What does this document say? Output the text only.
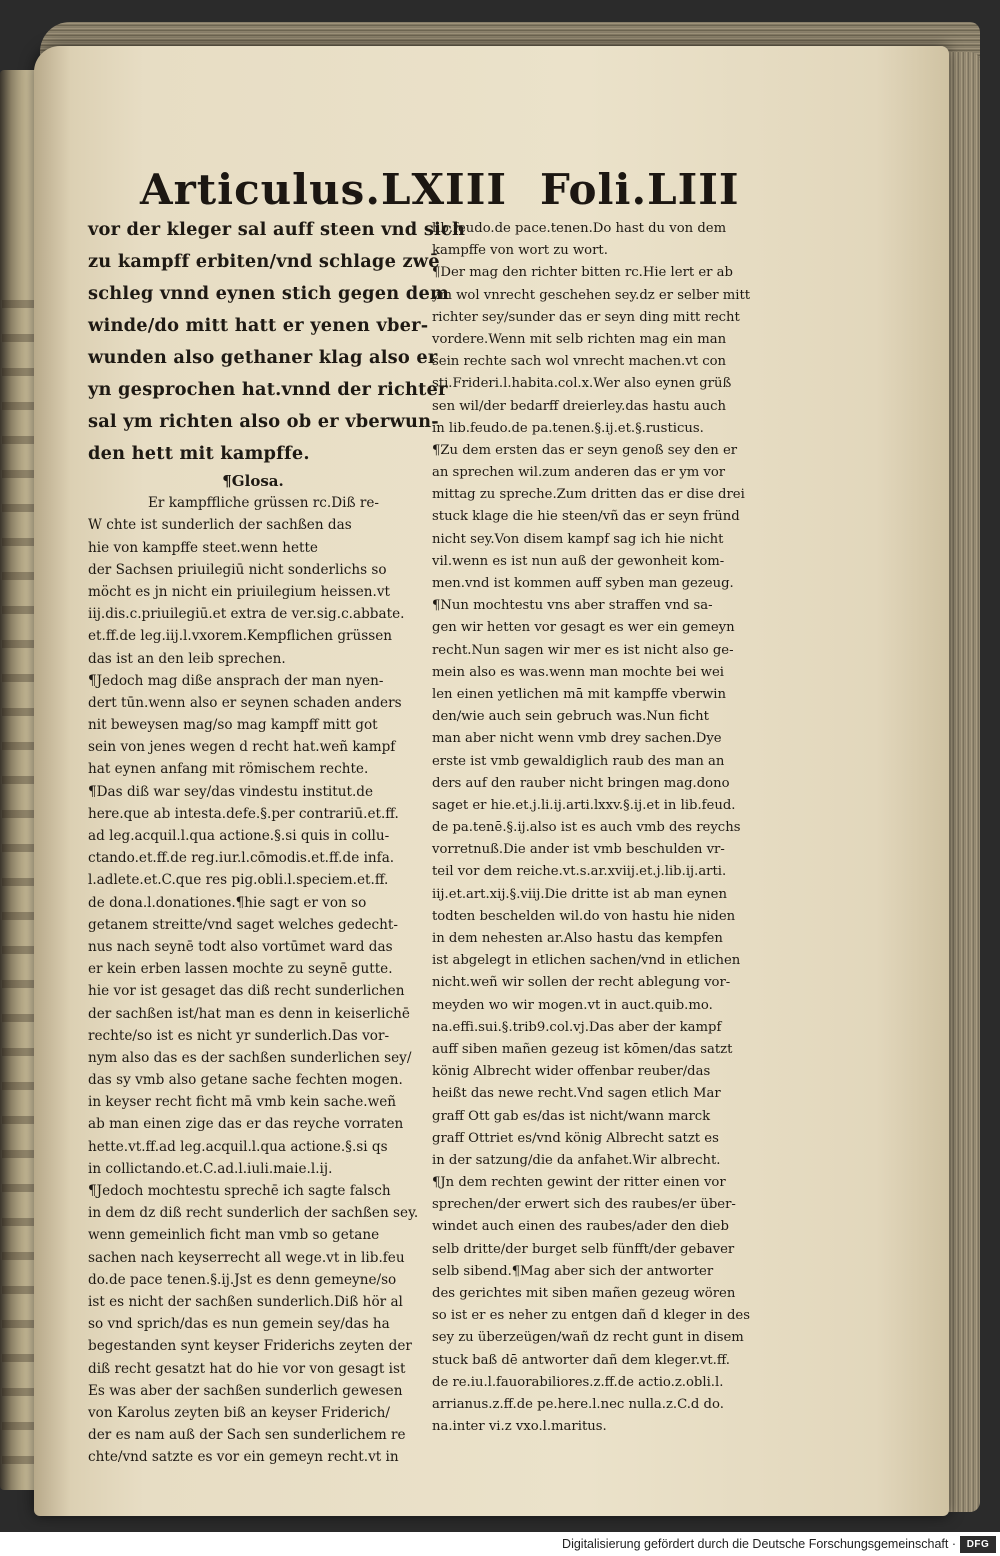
Articulus.LXIII Foli.LIII
vor der kleger sal auff steen vnd sich
zu kampff erbiten/vnd schlage zwē
schleg vnnd eynen stich gegen dem
winde/do mitt hatt er yenen vber-
wunden also gethaner klag also er
yn gesprochen hat.vnnd der richter
sal ym richten also ob er vberwun-
den hett mit kampffe.
¶Glosa.
Er kampffliche grüssen rc.Diß re-
W chte ist sunderlich der sachßen das
hie von kampffe steet.wenn hette
der Sachsen priuilegiū nicht sonderlichs so
möcht es jn nicht ein priuilegium heissen.vt
iij.dis.c.priuilegiū.et extra de ver.sig.c.abbate.
et.ff.de leg.iij.l.vxorem.Kempflichen grüssen
das ist an den leib sprechen.
¶Jedoch mag diße ansprach der man nyen-
dert tūn.wenn also er seynen schaden anders
nit beweysen mag/so mag kampff mitt got
sein von jenes wegen d recht hat.weñ kampf
hat eynen anfang mit römischem rechte.
¶Das diß war sey/das vindestu institut.de
here.que ab intesta.defe.§.per contrariū.et.ff.
ad leg.acquil.l.qua actione.§.si quis in collu-
ctando.et.ff.de reg.iur.l.cōmodis.et.ff.de infa.
l.adlete.et.C.que res pig.obli.l.speciem.et.ff.
de dona.l.donationes.¶hie sagt er von so
getanem streitte/vnd saget welches gedecht-
nus nach seynē todt also vortūmet ward das
er kein erben lassen mochte zu seynē gutte.
hie vor ist gesaget das diß recht sunderlichen
der sachßen ist/hat man es denn in keiserlichē
rechte/so ist es nicht yr sunderlich.Das vor-
nym also das es der sachßen sunderlichen sey/
das sy vmb also getane sache fechten mogen.
in keyser recht ficht mā vmb kein sache.weñ
ab man einen zige das er das reyche vorraten
hette.vt.ff.ad leg.acquil.l.qua actione.§.si qs
in collictando.et.C.ad.l.iuli.maie.l.ij.
¶Jedoch mochtestu sprechē ich sagte falsch
in dem dz diß recht sunderlich der sachßen sey.
wenn gemeinlich ficht man vmb so getane
sachen nach keyserrecht all wege.vt in lib.feu
do.de pace tenen.§.ij.Jst es denn gemeyne/so
ist es nicht der sachßen sunderlich.Diß hör al
so vnd sprich/das es nun gemein sey/das ha
begestanden synt keyser Friderichs zeyten der
diß recht gesatzt hat do hie vor von gesagt ist
Es was aber der sachßen sunderlich gewesen
von Karolus zeyten biß an keyser Friderich/
der es nam auß der Sach sen sunderlichem re
chte/vnd satzte es vor ein gemeyn recht.vt in
lib.feudo.de pace.tenen.Do hast du von dem
kampffe von wort zu wort.
¶Der mag den richter bitten rc.Hie lert er ab
ym wol vnrecht geschehen sey.dz er selber mitt
richter sey/sunder das er seyn ding mitt recht
vordere.Wenn mit selb richten mag ein man
sein rechte sach wol vnrecht machen.vt con
sti.Frideri.l.habita.col.x.Wer also eynen grüß
sen wil/der bedarff dreierley.das hastu auch
in lib.feudo.de pa.tenen.§.ij.et.§.rusticus.
¶Zu dem ersten das er seyn genoß sey den er
an sprechen wil.zum anderen das er ym vor
mittag zu spreche.Zum dritten das er dise drei
stuck klage die hie steen/vñ das er seyn fründ
nicht sey.Von disem kampf sag ich hie nicht
vil.wenn es ist nun auß der gewonheit kom-
men.vnd ist kommen auff syben man gezeug.
¶Nun mochtestu vns aber straffen vnd sa-
gen wir hetten vor gesagt es wer ein gemeyn
recht.Nun sagen wir mer es ist nicht also ge-
mein also es was.wenn man mochte bei wei
len einen yetlichen mā mit kampffe vberwin
den/wie auch sein gebruch was.Nun ficht
man aber nicht wenn vmb drey sachen.Dye
erste ist vmb gewaldiglich raub des man an
ders auf den rauber nicht bringen mag.dono
saget er hie.et.j.li.ij.arti.lxxv.§.ij.et in lib.feud.
de pa.tenē.§.ij.also ist es auch vmb des reychs
vorretnuß.Die ander ist vmb beschulden vr-
teil vor dem reiche.vt.s.ar.xviij.et.j.lib.ij.arti.
iij.et.art.xij.§.viij.Die dritte ist ab man eynen
todten beschelden wil.do von hastu hie niden
in dem nehesten ar.Also hastu das kempfen
ist abgelegt in etlichen sachen/vnd in etlichen
nicht.weñ wir sollen der recht ablegung vor-
meyden wo wir mogen.vt in auct.quib.mo.
na.effi.sui.§.trib9.col.vj.Das aber der kampf
auff siben mañen gezeug ist kōmen/das satzt
könig Albrecht wider offenbar reuber/das
heißt das newe recht.Vnd sagen etlich Mar
graff Ott gab es/das ist nicht/wann marck
graff Ottriet es/vnd könig Albrecht satzt es
in der satzung/die da anfahet.Wir albrecht.
¶Jn dem rechten gewint der ritter einen vor
sprechen/der erwert sich des raubes/er über-
windet auch einen des raubes/ader den dieb
selb dritte/der burget selb fünfft/der gebaver
selb sibend.¶Mag aber sich der antworter
des gerichtes mit siben mañen gezeug wören
so ist er es neher zu entgen dañ d kleger in des
sey zu überzeügen/wañ dz recht gunt in disem
stuck baß dē antworter dañ dem kleger.vt.ff.
de re.iu.l.fauorabiliores.z.ff.de actio.z.obli.l.
arrianus.z.ff.de pe.here.l.nec nulla.z.C.d do.
na.inter vi.z vxo.l.maritus.
Digitalisierung gefördert durch die Deutsche Forschungsgemeinschaft ·	DFG
